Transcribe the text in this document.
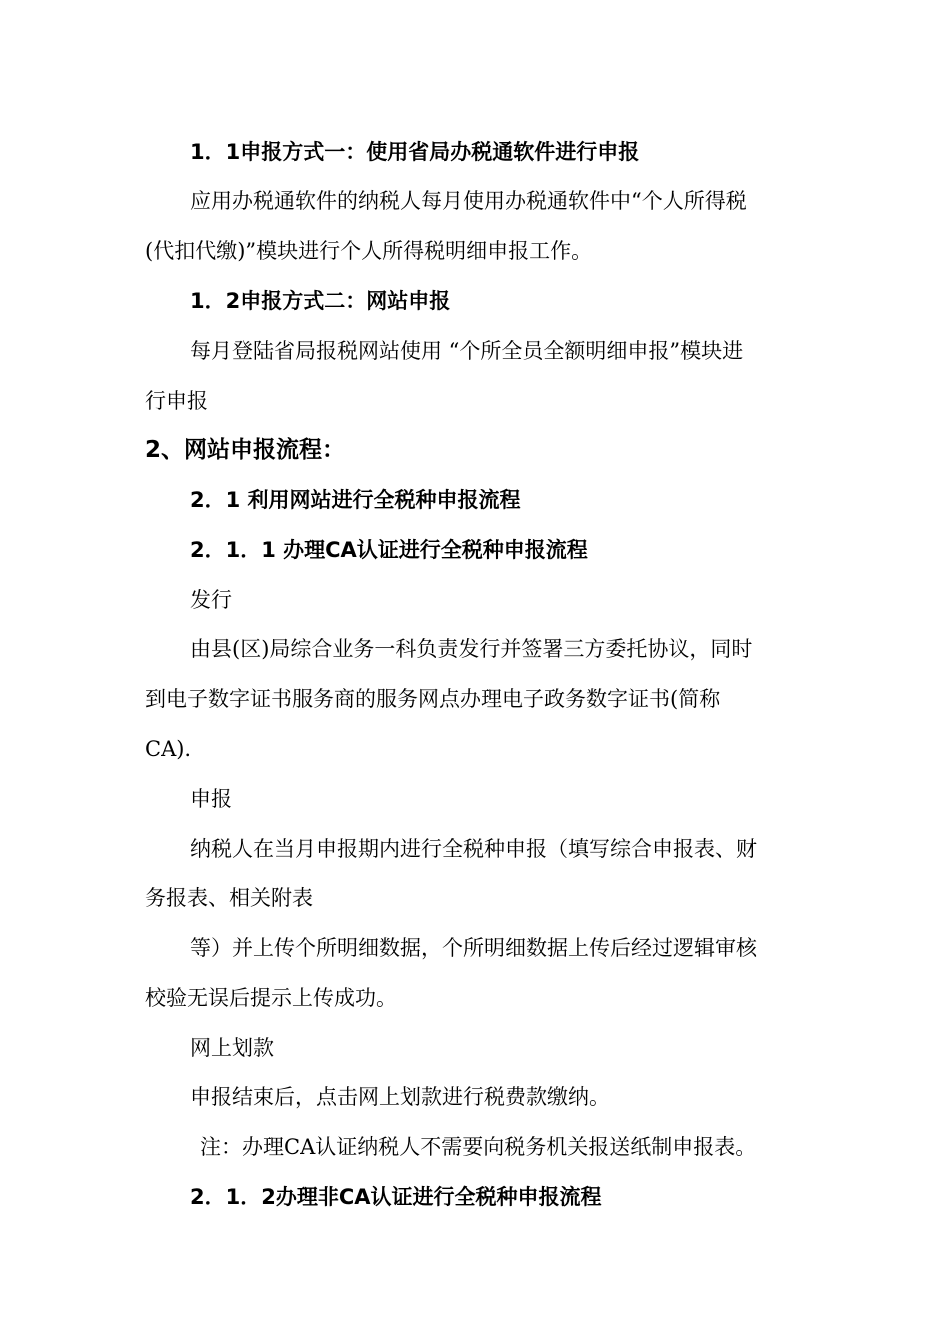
1．1申报方式一：使用省局办税通软件进行申报
应用办税通软件的纳税人每月使用办税通软件中“个人所得税
(代扣代缴)”模块进行个人所得税明细申报工作。
1．2申报方式二：网站申报
每月登陆省局报税网站使用 “个所全员全额明细申报”模块进
行申报
2、网站申报流程：
2．1 利用网站进行全税种申报流程
2．1．1 办理CA认证进行全税种申报流程
发行
由县(区)局综合业务一科负责发行并签署三方委托协议，同时
到电子数字证书服务商的服务网点办理电子政务数字证书(简称
CA).
申报
纳税人在当月申报期内进行全税种申报（填写综合申报表、财
务报表、相关附表
等）并上传个所明细数据，个所明细数据上传后经过逻辑审核
校验无误后提示上传成功。
网上划款
申报结束后，点击网上划款进行税费款缴纳。
注：办理CA认证纳税人不需要向税务机关报送纸制申报表。
2．1．2办理非CA认证进行全税种申报流程
